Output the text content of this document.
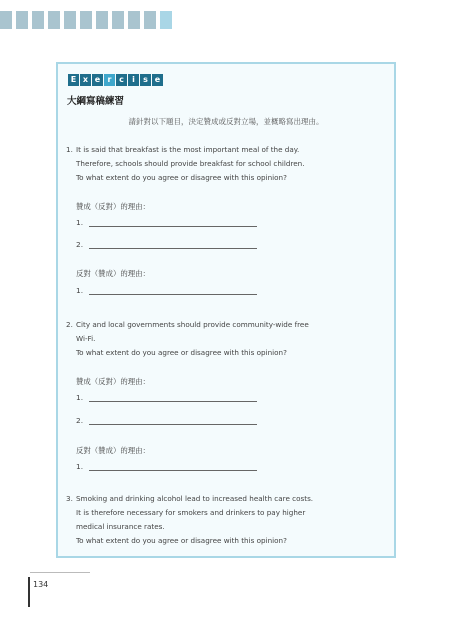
E x e r c	i	s e
大綱寫稿練習
請針對以下題目，決定贊成或反對立場，並概略寫出理由。
1. It is said that breakfast is the most important meal of the day.
Therefore, schools should provide breakfast for school children.
To what extent do you agree or disagree with this opinion?
贊成（反對）的理由：
1.
2.
反對（贊成）的理由：
1.
2. City and local governments should provide community-wide free
Wi-Fi.
To what extent do you agree or disagree with this opinion?
贊成（反對）的理由：
1.
2.
反對（贊成）的理由：
1.
3. Smoking and drinking alcohol lead to increased health care costs.
It is therefore necessary for smokers and drinkers to pay higher
medical insurance rates.
To what extent do you agree or disagree with this opinion?
134
